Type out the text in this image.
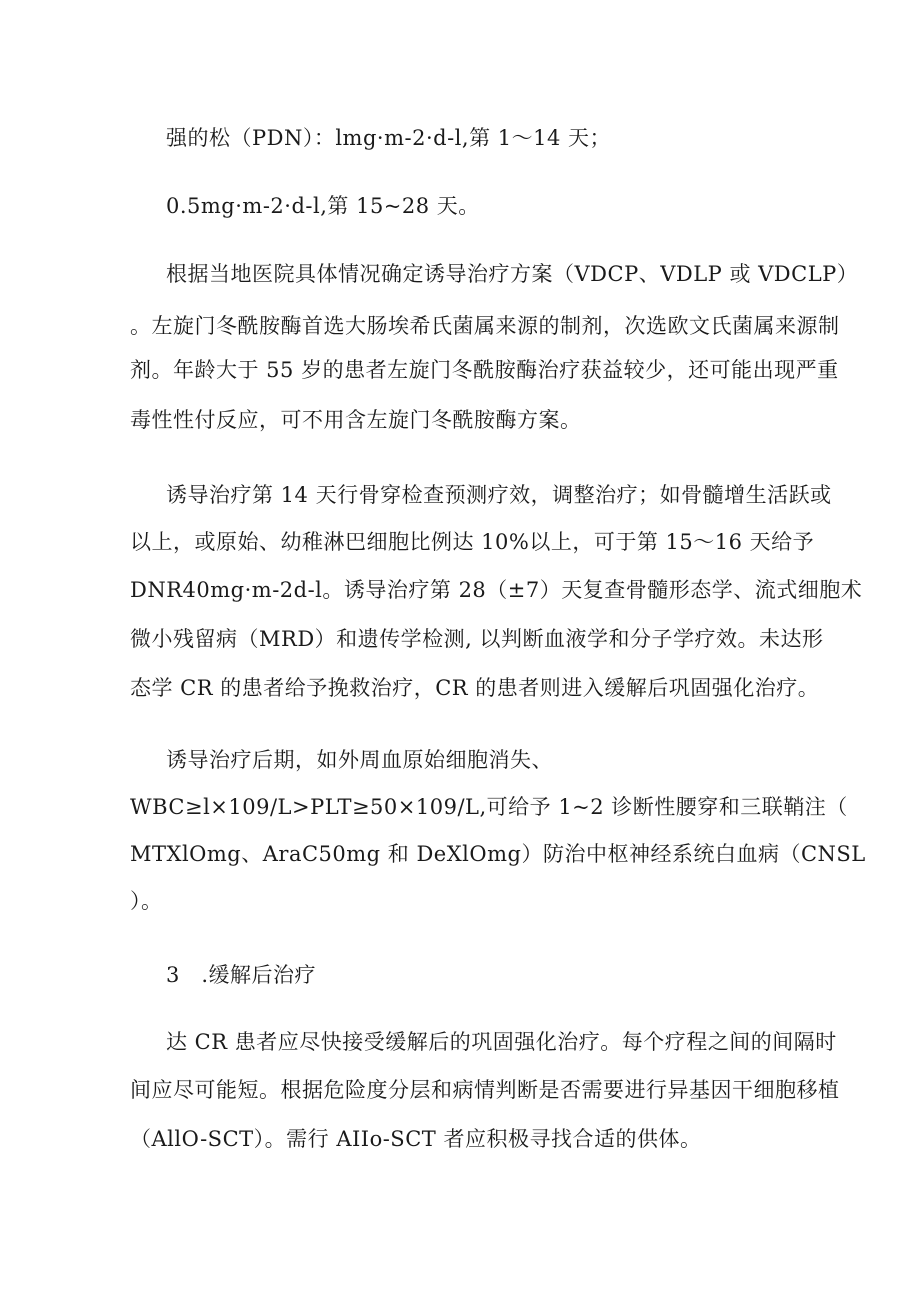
强的松（PDN）：lmg·m-2·d-l,第 1～14 天；
0.5mg·m-2·d-l,第 15~28 天。
根据当地医院具体情况确定诱导治疗方案（VDCP、VDLP 或 VDCLP）
。左旋门冬酰胺酶首选大肠埃希氏菌属来源的制剂，次选欧文氏菌属来源制
剂。年龄大于 55 岁的患者左旋门冬酰胺酶治疗获益较少，还可能出现严重
毒性性付反应，可不用含左旋门冬酰胺酶方案。
诱导治疗第 14 天行骨穿检查预测疗效，调整治疗；如骨髓增生活跃或
以上，或原始、幼稚淋巴细胞比例达 10%以上，可于第 15～16 天给予
DNR40mg·m-2d-l。诱导治疗第 28（±7）天复查骨髓形态学、流式细胞术
微小残留病（MRD）和遗传学检测, 以判断血液学和分子学疗效。未达形
态学 CR 的患者给予挽救治疗，CR 的患者则进入缓解后巩固强化治疗。
诱导治疗后期，如外周血原始细胞消失、
WBC≥l×109/L>PLT≥50×109/L,可给予 1~2 诊断性腰穿和三联鞘注（
MTXlOmg、AraC50mg 和 DeXlOmg）防治中枢神经系统白血病（CNSL
）。
3　.缓解后治疗
达 CR 患者应尽快接受缓解后的巩固强化治疗。每个疗程之间的间隔时
间应尽可能短。根据危险度分层和病情判断是否需要进行异基因干细胞移植
（AllO-SCT）。需行 AIIo-SCT 者应积极寻找合适的供体。
